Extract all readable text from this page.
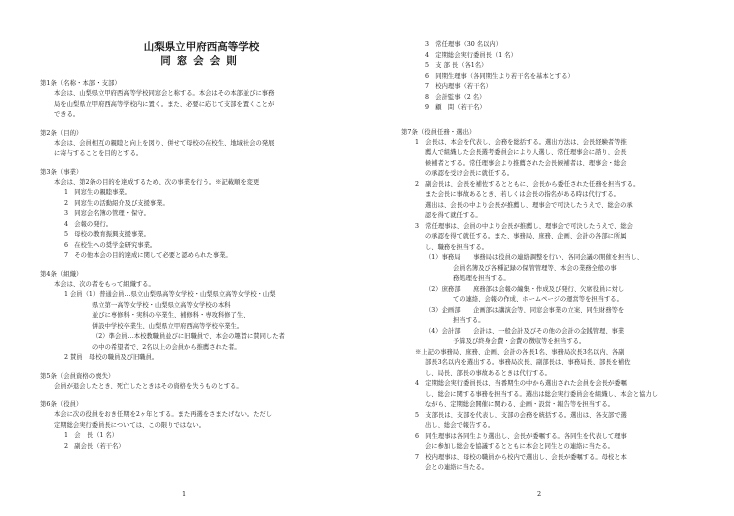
山梨県立甲府西高等学校
同窓会会則
第1条（名称・本部・支部）
本会は、山梨県立甲府西高等学校同窓会と称する。本会はその本部並びに事務
局を山梨県立甲府西高等学校内に置く。また、必要に応じて支部を置くことが
できる。
第2条（目的）
本会は、会員相互の親睦と向上を図り、併せて母校の在校生、地域社会の発展
に寄与することを目的とする。
第3条（事業）
本会は、第2条の目的を達成するため、次の事業を行う。※記載順を変更
1　同窓生の親睦事業。
2　同窓生の活動紹介及び支援事業。
3　同窓会名簿の管理・保守。
4　会報の発行。
5　母校の教育振興支援事業。
6　在校生への奨学金研究事業。
7　その他本会の目的達成に関して必要と認められた事業。
第4条（組織）
本会は、次の者をもって組織する。
1 会員（1）普通会員…県立山梨県高等女学校・山梨県立高等女学校・山梨
県立第一高等女学校・山梨県立高等女学校の本科
並びに専修科・実科の卒業生、補修科・専攻科修了生、
併設中学校卒業生、山梨県立甲府西高等学校卒業生。
（2）準会員…本校教職員並びに旧職員で、本会の趣旨に賛同した者
の中の希望者で、2名以上の会員から推薦された者。
2 賛員　母校の職員及び旧職員。
第5条（会員資格の喪失）
会員が退会したとき、死亡したときはその資格を失うものとする。
第6条（役員）
本会に次の役員をおき任期を2ヶ年とする。また再選をさまたげない。ただし
定期総会実行委員長については、この限りではない。
1　会　長（1 名）
2　副会長（若干名）
1
3　常任理事（30 名以内）
4　定期総会実行委員長（1 名）
5　支 部 長（各1名）
6　同期生理事（各同期生より若干名を基本とする）
7　校内理事（若干名）
8　会計監事（2 名）
9　顧　問（若干名）
第7条（役員任務・選出）
1　会長は、本会を代表し、会務を総括する。選出方法は、会長経験者等推
薦人で組織した会長選考委員会により人選し、常任理事会に諮り、会長
候補者とする。常任理事会より推薦された会長候補者は、理事会・総会
の承認を受け会長に就任する。
2　副会長は、会長を補佐するとともに、会長から委任された任務を担当する。
また会長に事故あるとき、若しくは会長の指名がある時は代行する。
選出は、会長の中より会長が推薦し、理事会で可決したうえで、総会の承
認を得て就任する。
3　常任理事は、会員の中より会長が推薦し、理事会で可決したうえで、総会
の承認を得て就任する。また、事務局、庶務、企画、会計の各部に所属
し、職務を担当する。
（1）事務局　　事務局は役員の連絡調整を行い、各同会議の開催を担当し、
会員名簿及び各種記録の保管管理等、本会の業務全般の事
務処理を担当する。
（2）庶務部　　庶務部は会報の編集・作成及び発行、欠席役員に対し
ての連絡、会報の作成、ホームページの運営等を担当する。
（3）企画部　　企画部は講演会等、同窓会事業の立案、同生財務等を
担当する。
（4）会計部　　会計は、一般会計及びその他の会計の金銭管理、事業
予算及び終身会費・会費の徴収等を担当する。
※上記の事務局、庶務、企画、会計の各長1名、事務局次長3名以内、各副
部長3名以内を選出する。事務局次長、副部長は、事務局長、部長を補佐
し、局長、部長の事故あるときは代行する。
4　定期総会実行委員長は、当番期生の中から選出された会員を会長が委嘱
し、総会に関する事務を担当する。選出は総会実行委員会を組織し、本会と協力し
ながら、定期総会開催に関わる、企画・設営・報告等を担当する。
5　支部長は、支部を代表し、支部の会務を統括する。選出は、各支部で選
出し、総会で報告する。
6　同生理事は各同生より選出し、会長が委嘱する。各同生を代表して理事
会に参加し総会を協議するとともに本会と同生との連絡に当たる。
7　校内理事は、母校の職員から校内で選出し、会長が委嘱する。母校と本
会との連絡に当たる。
2
